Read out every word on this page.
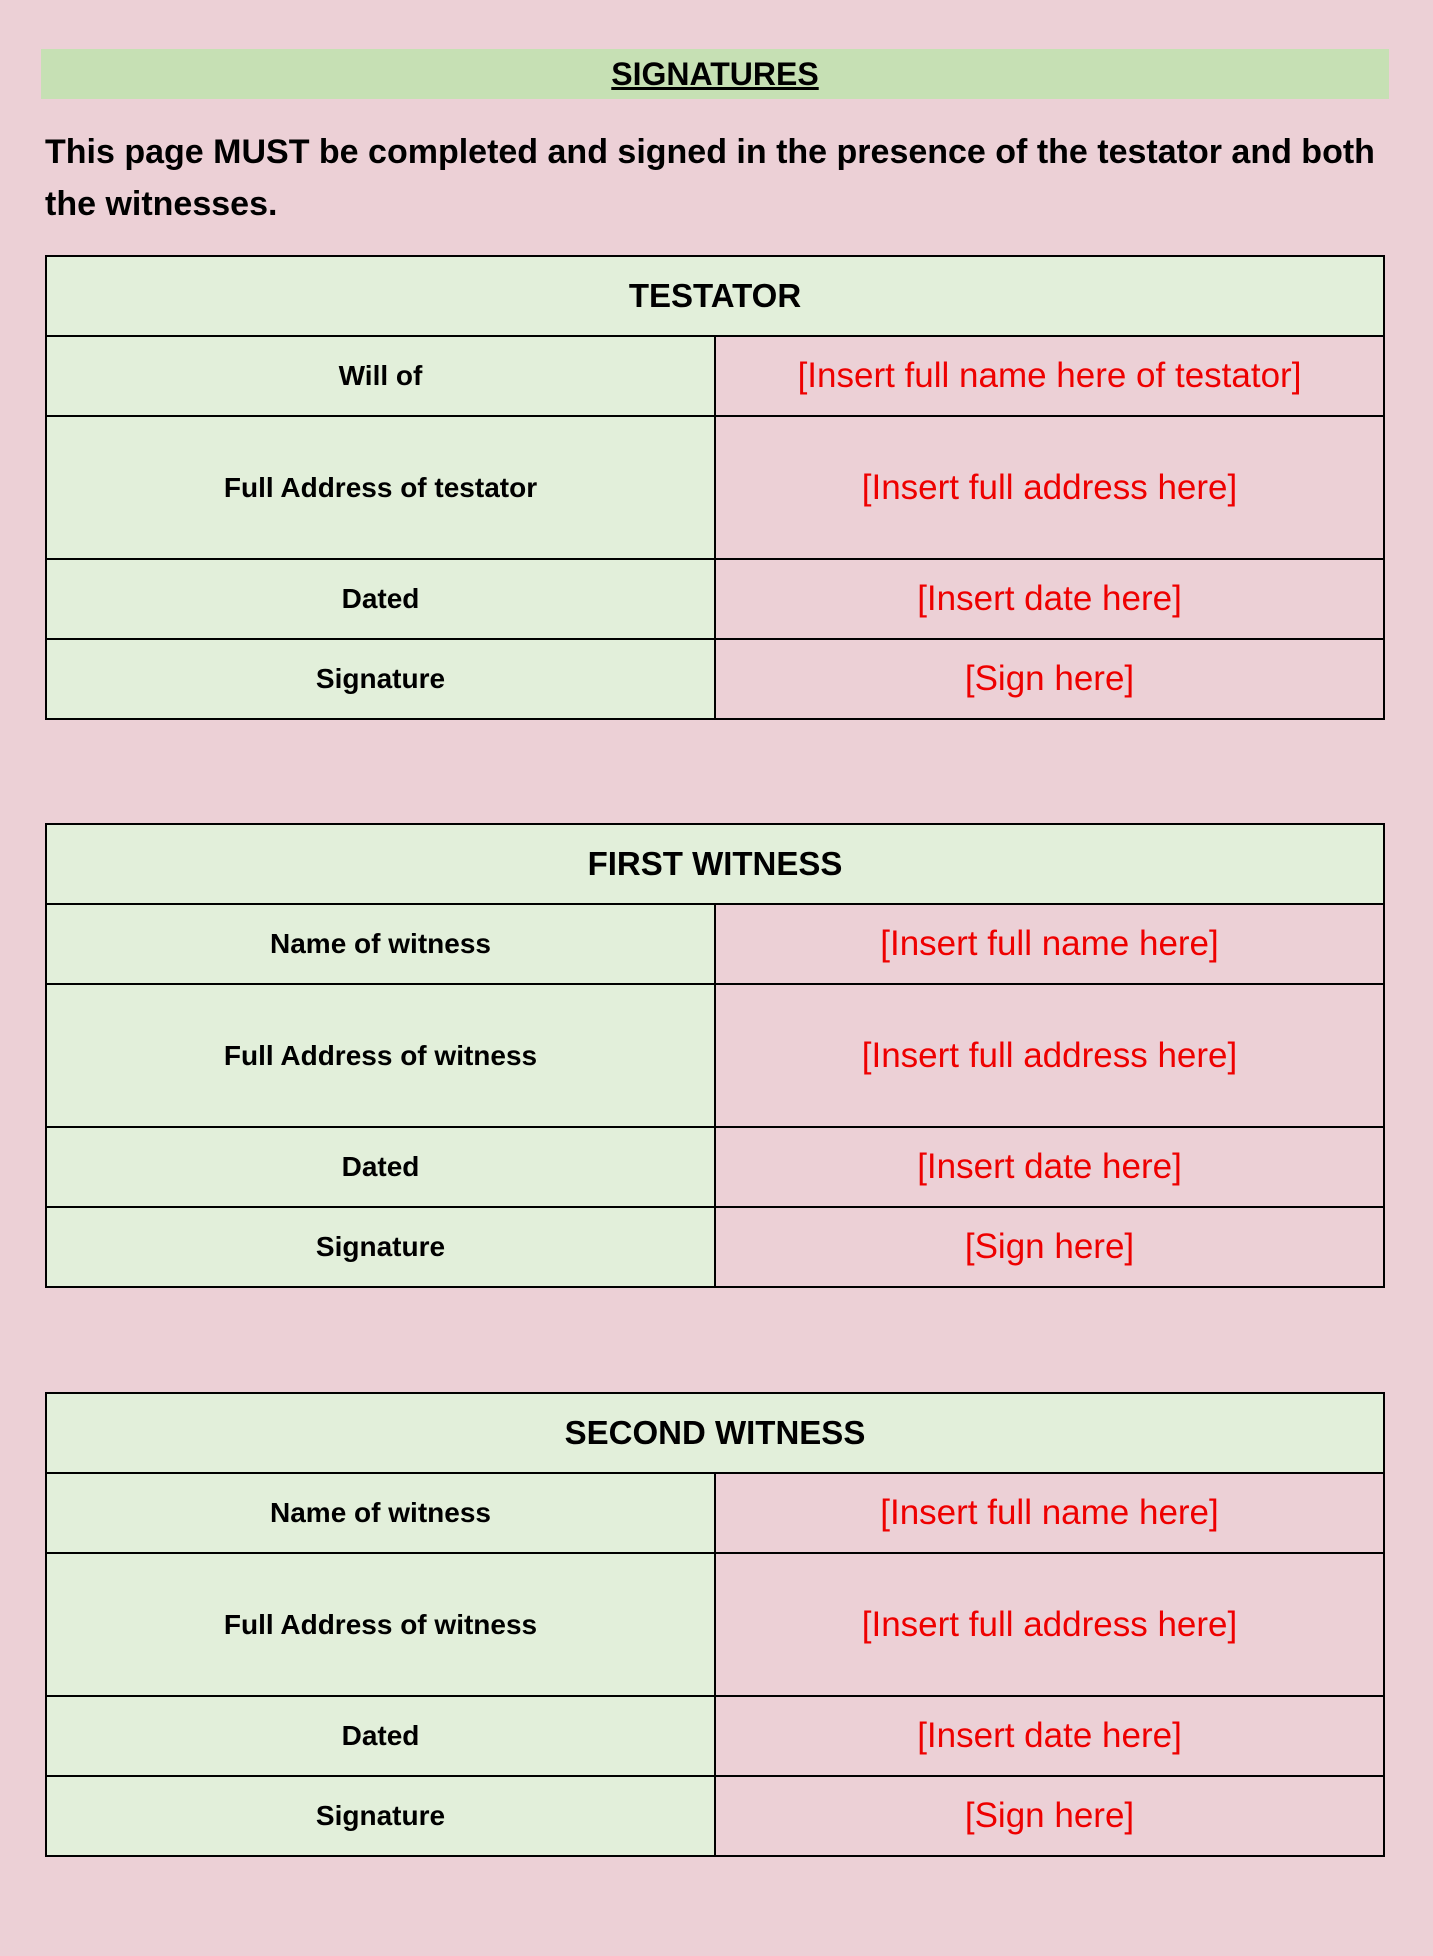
SIGNATURES
This page MUST be completed and signed in the presence of the testator and both the witnesses.
TESTATOR	
Will of	[Insert full name here of testator]
Full Address of testator	[Insert full address here]
Dated	[Insert date here]
Signature	[Sign here]
FIRST WITNESS	
Name of witness	[Insert full name here]
Full Address of witness	[Insert full address here]
Dated	[Insert date here]
Signature	[Sign here]
SECOND WITNESS	
Name of witness	[Insert full name here]
Full Address of witness	[Insert full address here]
Dated	[Insert date here]
Signature	[Sign here]
